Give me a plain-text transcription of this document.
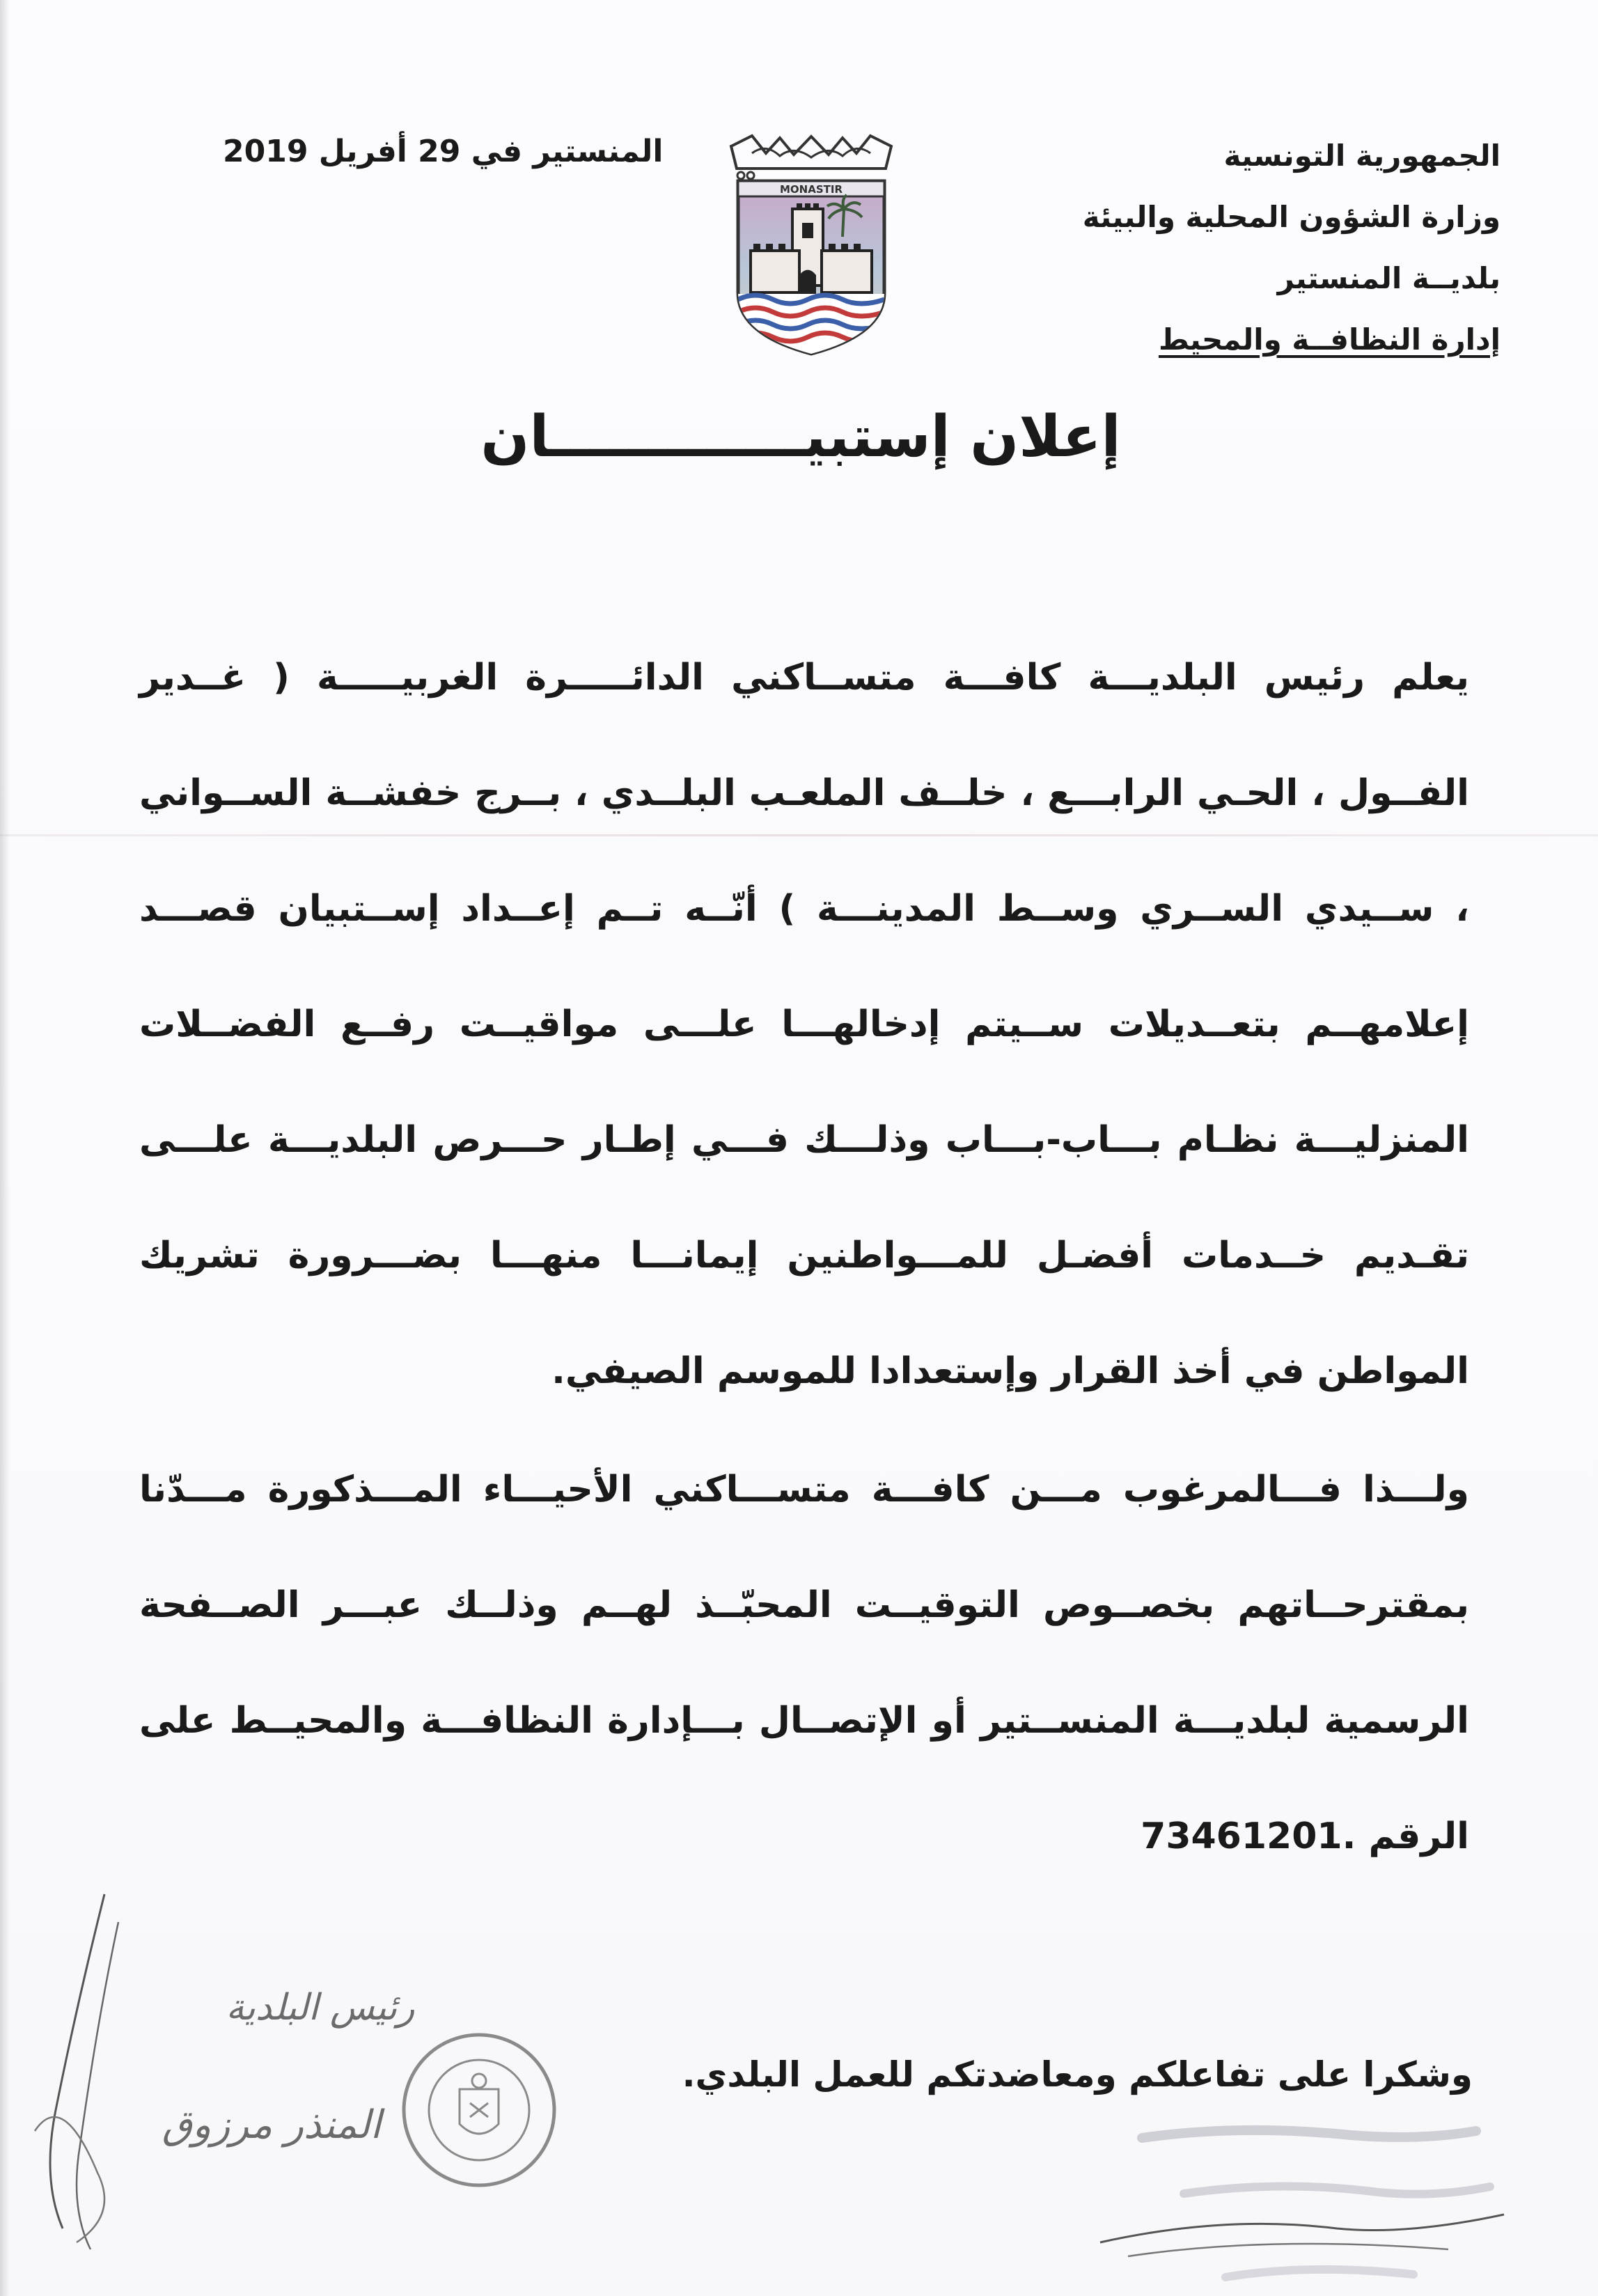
الجمهورية التونسية
وزارة الشؤون المحلية والبيئة
بلديــة المنستير
إدارة النظافــة والمحيط
المنستير في 29 أفريل 2019
MONASTIR
إعلان إستبيـــــــــــــان

يعلم رئيس البلديـــة كافـــة متســاكني الدائـــــرة الغربيـــــة ( غــدير الفــول ، الحـي الرابـــع ، خلــف الملعـب البلــدي ، بــرج خفشــة الســواني ، ســيدي الســري وســط المدينـــة ) أنّــه تــم إعــداد إســتبيان قصـــد إعلامهــم بتعــديلات ســيتم إدخالهـــا علـــى مواقيــت رفــع الفضــلات المنزليـــة نظـام بـــاب-بـــاب وذلـــك فـــي إطـار حـــرص البلديـــة علـــى تقـديم خــدمات أفضـل للمـــواطنين إيمانـــا منهـــا بضـــرورة تشريك المواطن في أخذ القرار وإستعدادا للموسم الصيفي.

ولـــذا فـــالمرغوب مـــن كافـــة متســـاكني الأحيـــاء المـــذكورة مـــدّنا بمقترحــاتهم بخصــوص التوقيــت المحبّــذ لهــم وذلــك عبـــر الصــفحة الرسمية لبلديـــة المنســتير أو الإتصــال بـــإدارة النظافـــة والمحيــط على الرقم 73461201.

وشكرا على تفاعلكم ومعاضدتكم للعمل البلدي.
رئيس البلدية
المنذر مرزوق
